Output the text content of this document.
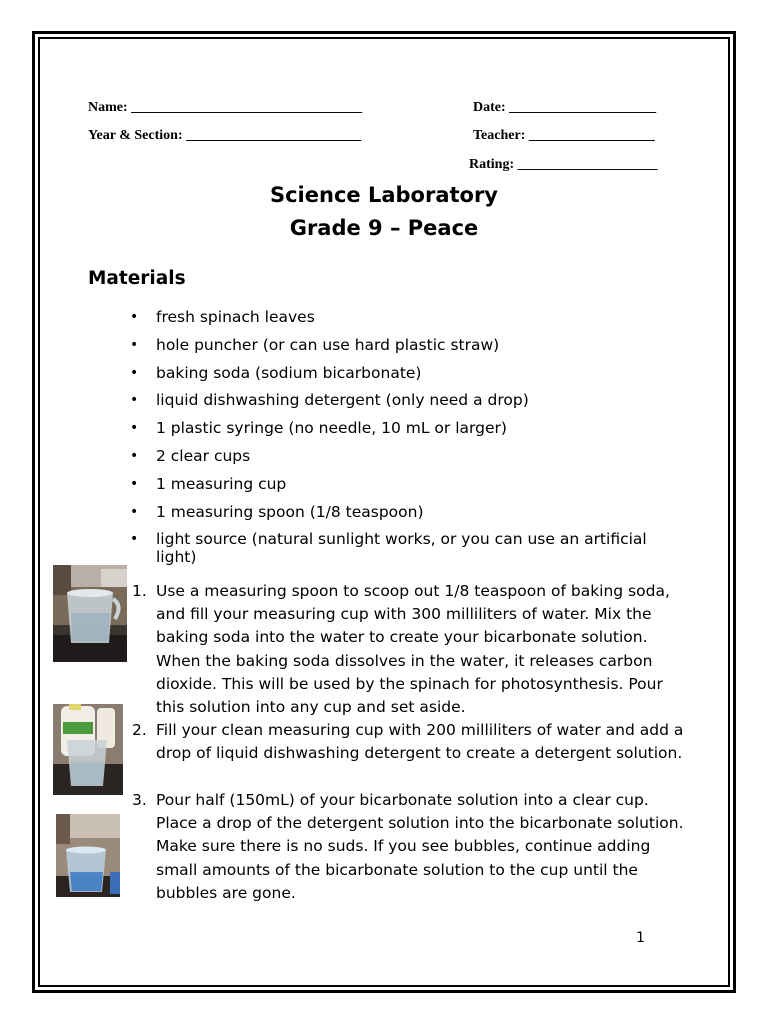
Name: _________________________________	Date: _____________________
Year & Section: _________________________	Teacher: __________________
Rating: ____________________
Science Laboratory
Grade 9 – Peace
Materials
• fresh spinach leaves
• hole puncher (or can use hard plastic straw)
• baking soda (sodium bicarbonate)
• liquid dishwashing detergent (only need a drop)
• 1 plastic syringe (no needle, 10 mL or larger)
• 2 clear cups
• 1 measuring cup
• 1 measuring spoon (1/8 teaspoon)
• light source (natural sunlight works, or you can use an artificial light)
1. Use a measuring spoon to scoop out 1/8 teaspoon of baking soda, and fill your measuring cup with 300 milliliters of water. Mix the baking soda into the water to create your bicarbonate solution. When the baking soda dissolves in the water, it releases carbon dioxide. This will be used by the spinach for photosynthesis. Pour this solution into any cup and set aside.
2. Fill your clean measuring cup with 200 milliliters of water and add a drop of liquid dishwashing detergent to create a detergent solution.
3. Pour half (150mL) of your bicarbonate solution into a clear cup. Place a drop of the detergent solution into the bicarbonate solution. Make sure there is no suds. If you see bubbles, continue adding small amounts of the bicarbonate solution to the cup until the bubbles are gone.
1
